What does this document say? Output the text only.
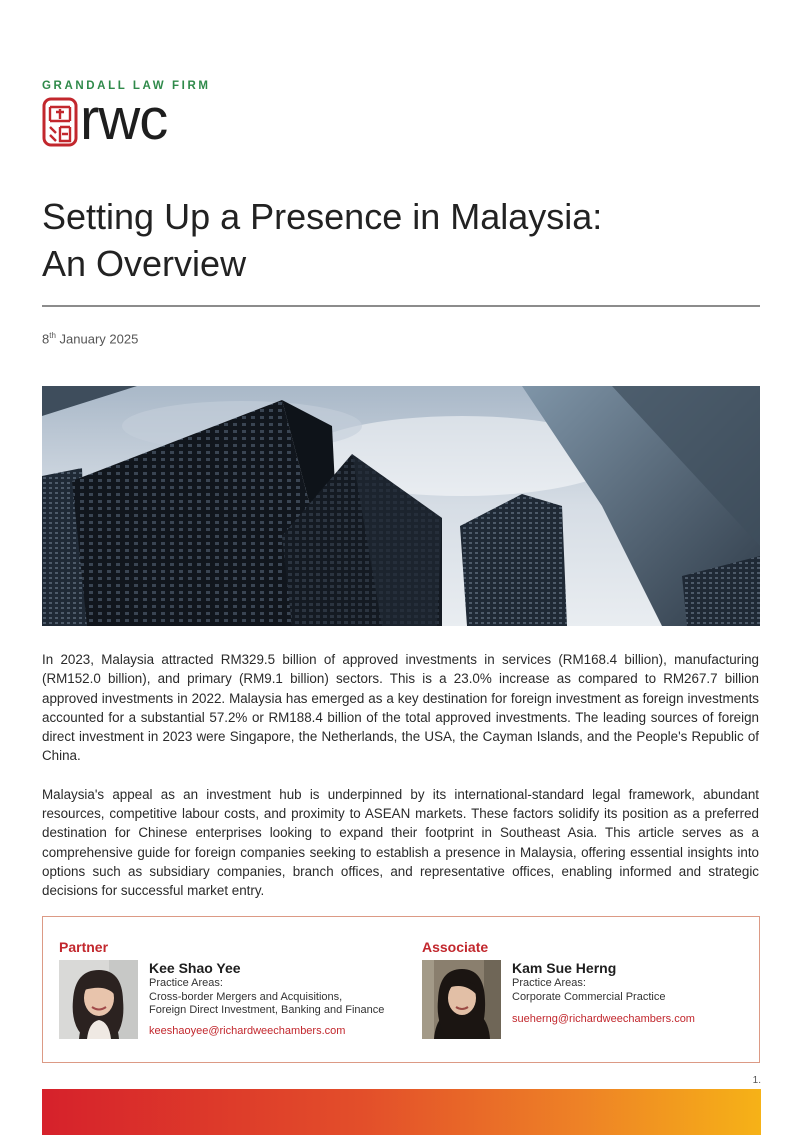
GRANDALL LAW FIRM
rwc
Setting Up a Presence in Malaysia:
An Overview

8th January 2025

In 2023, Malaysia attracted RM329.5 billion of approved investments in services (RM168.4 billion), manufacturing (RM152.0 billion), and primary (RM9.1 billion) sectors. This is a 23.0% increase as compared to RM267.7 billion approved investments in 2022. Malaysia has emerged as a key destination for foreign investment as foreign investments accounted for a substantial 57.2% or RM188.4 billion of the total approved investments. The leading sources of foreign direct investment in 2023 were Singapore, the Netherlands, the USA, the Cayman Islands, and the People's Republic of China.

Malaysia's appeal as an investment hub is underpinned by its international-standard legal framework, abundant resources, competitive labour costs, and proximity to ASEAN markets. These factors solidify its position as a preferred destination for Chinese enterprises looking to expand their footprint in Southeast Asia. This article serves as a comprehensive guide for foreign companies seeking to establish a presence in Malaysia, offering essential insights into options such as subsidiary companies, branch offices, and representative offices, enabling informed and strategic decisions for successful market entry.

Partner
Kee Shao Yee
Practice Areas:
Cross-border Mergers and Acquisitions,
Foreign Direct Investment, Banking and Finance
keeshaoyee@richardweechambers.com
Associate
Kam Sue Herng
Practice Areas:
Corporate Commercial Practice
sueherng@richardweechambers.com
1.
